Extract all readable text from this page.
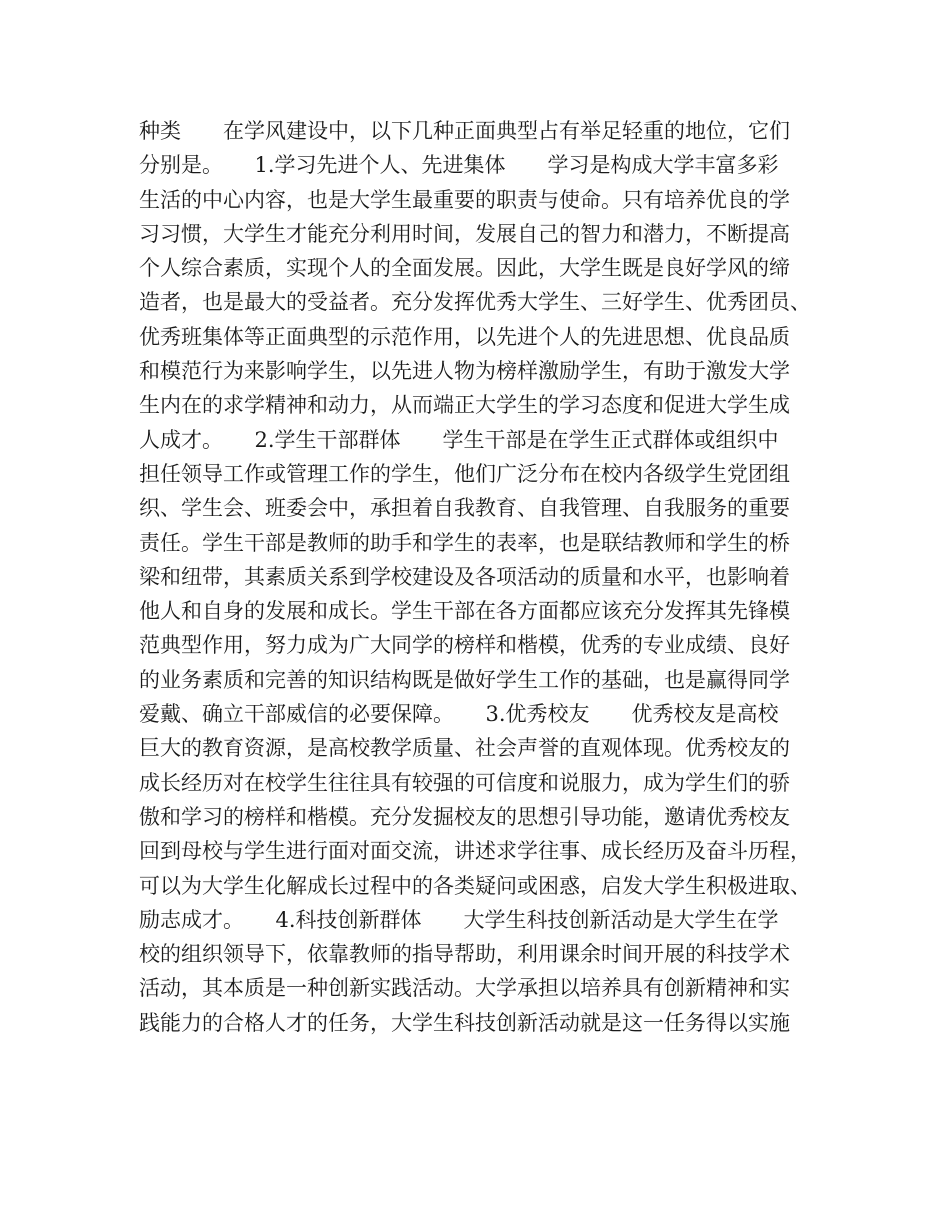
种类　　在学风建设中，以下几种正面典型占有举足轻重的地位，它们
分别是。　　1.学习先进个人、先进集体　　学习是构成大学丰富多彩
生活的中心内容，也是大学生最重要的职责与使命。只有培养优良的学
习习惯，大学生才能充分利用时间，发展自己的智力和潜力，不断提高
个人综合素质，实现个人的全面发展。因此，大学生既是良好学风的缔
造者，也是最大的受益者。充分发挥优秀大学生、三好学生、优秀团员、
优秀班集体等正面典型的示范作用，以先进个人的先进思想、优良品质
和模范行为来影响学生，以先进人物为榜样激励学生，有助于激发大学
生内在的求学精神和动力，从而端正大学生的学习态度和促进大学生成
人成才。　　2.学生干部群体　　学生干部是在学生正式群体或组织中
担任领导工作或管理工作的学生，他们广泛分布在校内各级学生党团组
织、学生会、班委会中，承担着自我教育、自我管理、自我服务的重要
责任。学生干部是教师的助手和学生的表率，也是联结教师和学生的桥
梁和纽带，其素质关系到学校建设及各项活动的质量和水平，也影响着
他人和自身的发展和成长。学生干部在各方面都应该充分发挥其先锋模
范典型作用，努力成为广大同学的榜样和楷模，优秀的专业成绩、良好
的业务素质和完善的知识结构既是做好学生工作的基础，也是赢得同学
爱戴、确立干部威信的必要保障。　　3.优秀校友　　优秀校友是高校
巨大的教育资源，是高校教学质量、社会声誉的直观体现。优秀校友的
成长经历对在校学生往往具有较强的可信度和说服力，成为学生们的骄
傲和学习的榜样和楷模。充分发掘校友的思想引导功能，邀请优秀校友
回到母校与学生进行面对面交流，讲述求学往事、成长经历及奋斗历程，
可以为大学生化解成长过程中的各类疑问或困惑，启发大学生积极进取、
励志成才。　　4.科技创新群体　　大学生科技创新活动是大学生在学
校的组织领导下，依靠教师的指导帮助，利用课余时间开展的科技学术
活动，其本质是一种创新实践活动。大学承担以培养具有创新精神和实
践能力的合格人才的任务，大学生科技创新活动就是这一任务得以实施
